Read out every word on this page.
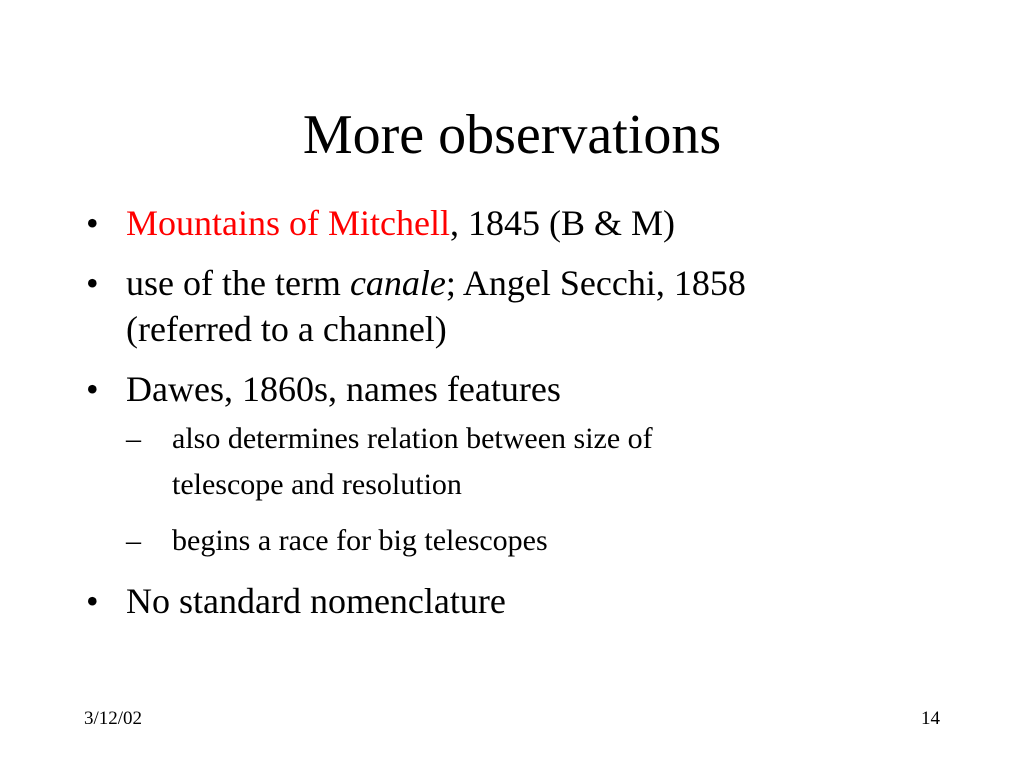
More observations
• Mountains of Mitchell, 1845 (B & M)
• use of the term canale; Angel Secchi, 1858
(referred to a channel)
• Dawes, 1860s, names features
– also determines relation between size of
telescope and resolution
– begins a race for big telescopes
• No standard nomenclature
3/12/02	14
